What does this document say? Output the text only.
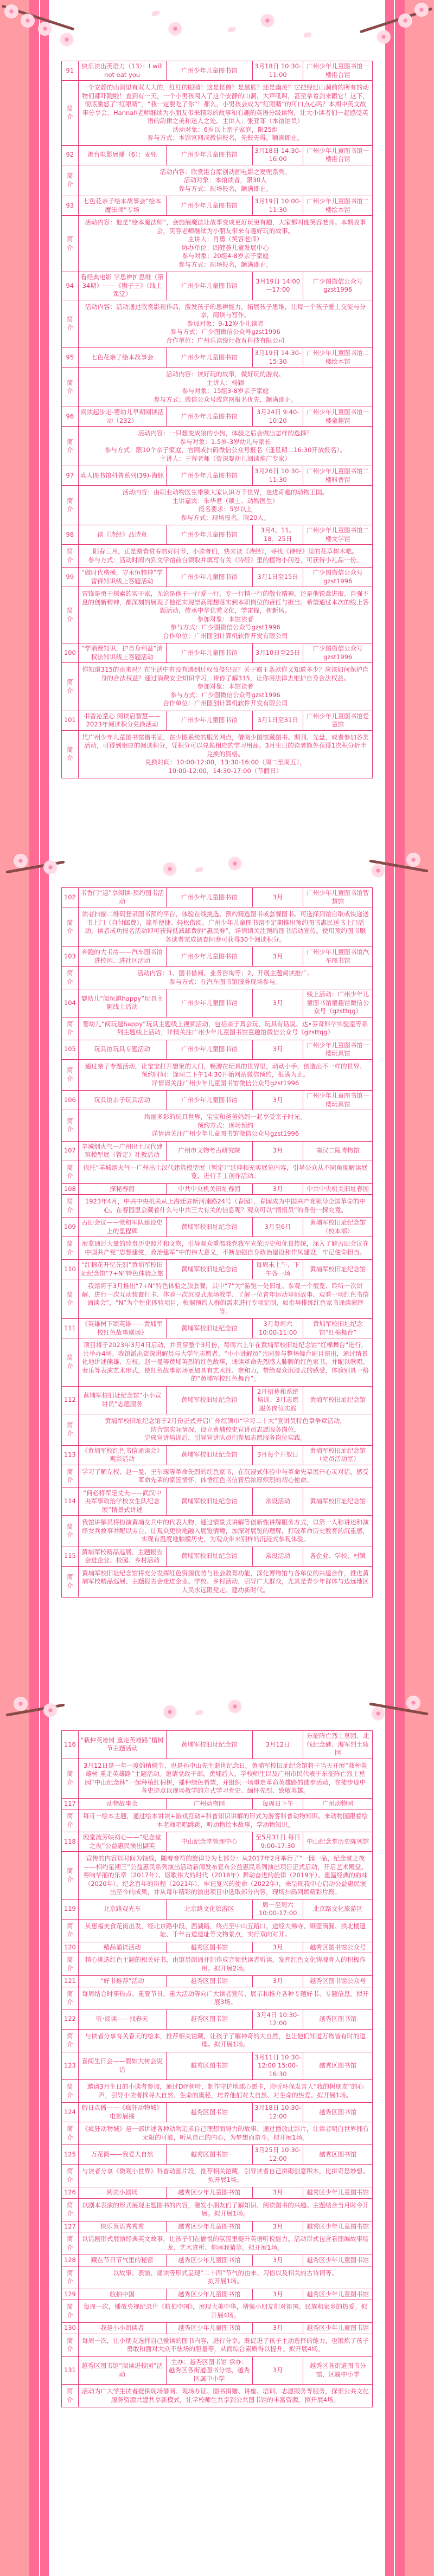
91	快乐读出英语力（13）：I will not eat you	广州少年儿童图书馆	3月18日 10:30-11:00	广州少年儿童图书馆一楼港台馆
简
介	

一个安静的山洞里有双大大的，红红的眼睛！这是怪兽？是黑熊？还是幽灵？它把经过山洞前的所有的动物们都吓跑啦！直到有一天，一个小男孩闯入了这个安静的山洞，大声吼叫，甚至拿着剑来戳它！这下，彻底激怒了“红眼睛”，“我一定要吃了你”！那么，小男孩会成为“红眼睛”的可口点心吗？本期中英文故事分享会，Hannah老师继续为小朋友带来精彩的故事和有趣的英语分级读物，让大小读者们一起感受英语的韵律之美和迷人之处。主讲人：张亚菲（本馆馆员）

活动对象：6岁以上亲子家庭，限25组

参与方式：本馆官网或微信报名，先报先得，额满即止。

92	港台电影展播（6）：麦兜	广州少年儿童图书馆	3月18日 14:30-16:00	广州少年儿童图书馆一楼港台馆
简
介	

活动内容：欣赏港台原创动画电影之麦兜系列。

活动对象：本馆读者，限30人

参与方式：现场报名，额满即止。

93	七色花亲子绘本故事会“绘本魔法师”专场	广州少年儿童图书馆	3月19日 10:00-11:30	广州少年儿童图书馆二楼绘本馆
简
介	

活动内容：他是“绘本魔法师”，会施展魔法让故事变成更好玩更有趣，大家都叫他笑容老师。本期故事会，笑容老师继续为小朋友带来有趣好玩的故事。

主讲人：肖勇（笑容老师）

协办单位：四健荟儿童发展中心

参与对象：20组4-8岁亲子家庭

参与方式：现场报名，额满即止。

94	看经典电影 学思辨扩思维（第34期）——《狮子王》（线上课堂）	广州少年儿童图书馆	3月19日 14:00—17:00	广少图微信公众号 gzst1996
简
介	

活动内容：活动通过欣赏影视作品，激发孩子的思辨能力，拓展孩子思维，让每一个孩子爱上交流与分享，阅读与写作。

参加对象：9-12岁少儿读者

参与方式：广少图微信公众号gzst1996

合作单位：广州乐读悦行教育科技有限公司

95	七色花亲子绘本故事会	广州少年儿童图书馆	3月19日 14:30-15:30	广州少年儿童图书馆二楼绘本馆
简
介	

活动内容：读好玩的故事，做好玩的游戏。

主讲人：杨颖

参与对象：15组3-8岁亲子家庭

参与方式：微信公众号或官网报名优先，额满即止。

96	阅读起步走-婴幼儿早期阅读活动（232）	广州少年儿童图书馆	3月24日 9:40-10:20	广州少年儿童图书馆一楼童趣馆
简
介	

活动内容：一只想变成狼的小狗，体验之后会做出怎样的选择？

参与对象：1.5岁-3岁幼儿与家长

参与方式：限10个亲子家庭，官网或扫码微信公众号报名（逢星期二16:30开放报名）。

主讲人：王蓉老师（资深婴幼儿阅读推广专家）

97	真人图书馆科普系列(39)-海豚	广州少年儿童图书馆	3月26日 10:30-11:30	广州少年儿童图书馆二楼科普馆
简
介	

活动内容：由职业动物医生带领大家认识万千世界，走进奇趣的动物王国。

主讲嘉宾：朱华君（硕士、动物医生）

报名要求：5岁以上

参与方式：现场报名，限20人。

98	读《诗经》品诗意	广州少年儿童图书馆	3月4、11、18、25日	广州少年儿童图书馆二楼文学馆
简
介	

阳春三月，正是踏青赏春的好时节，小读者们，快来读《诗经》，寻找《诗经》里的花草树木吧。

参与方式：活动时间内到文学馆前台领取并填写有关《诗经》里的植物小问卷，可获得小礼品一份。

99	“做时代楷模，守永恒精神”学雷锋知识线上答题活动	广州少年儿童图书馆	3月1日至15日	广少图微信公众号 gzst1996
简
介	

雷锋是勇于探索的实干家，无论是他干一行爱一行，专一行精一行的敬业精神，还是他锐意进取、自强不息的创新精神，都深刻的展现了他把实现崇高理想落实到本职岗位的责任与担当。希望通过本次的线上答题活动，传承中华优秀文化，学雷锋，树新风。

参加对象：本馆读者

参与方式：广少图微信公众号gzst1996

合作单位：广州图创计算机软件开发有限公司

100	“学消费知识，护自身利益”消权法知识线上答题活动	广州少年儿童图书馆	3月10日至25日	广少图微信公众号 gzst1996
简
介	

你知道315的由来吗？在生活中有没有遇到过权益侵犯呢？关于霸王条款你又知道多少？应该如何保护自身的合法权益？通过消费安全知识学习，带你了解315，让你用法律去维护自身合法权益。

参加对象：本馆读者

参与方式：广少图微信公众号gzst1996

合作单位：广州图创计算机软件开发有限公司

101	书香沁童心 阅读启智慧——2023年阅读积分兑换活动	广州少年儿童图书馆	3月1日至31日	广州少年儿童图书馆爱童馆
简
介	

凭广州少年儿童图书馆借书证，在少图系统的服务网点，借阅少图馆藏图书、期刊、光盘，或者参加各类活动，可得到相应的阅读积分，凭积分可以兑换相应的学习用品。3月生日的读者额外获得1次积分折半兑换的资格。

兑换时间：10:00-12:00，13:30-16:00（周二至周五），

10:00-12:00，14:30-17:00（节假日）

102	书香门“递”享阅读-预约图书活动	广州少年儿童图书馆	3月	广州少年儿童图书馆智慧馆
简
介	读者扫描二维码登录图书预约平台，体验在线挑选、预约精选图书或套餐图书。可选择到馆自取或快递送书上门（自付邮费），简单便捷、轻松借阅。广州少年儿童图书馆不定期推出预约图书惠民送书上门活动，读者成功报名活动即可获得抵减邮费的“惠民券”，详情请关注预约图书活动宣传。使用预约图书服务读者完成调查问卷可获得30个阅读积分。			

103	奔跑的大书房——汽车图书馆进校园、进社区活动	广州少年儿童图书馆	3月	广州少年儿童图书馆汽车图书馆
简
介	

活动内容：1、图书借阅、业务咨询等；2、开展主题阅读推广。

参与方式：在汽车图书馆服务现场参与。

104	婴幼儿“阅玩越happy”玩具主题线上活动	广州少年儿童图书馆	3月	线上活动：广州少年儿童图书馆童趣馆微信公众号（gzsttqg）
简
介	婴幼儿“阅玩越happy”玩具主题线上视频活动，包括亲子真会玩、玩具有话说、达•芬奇科学实验室等系列主题线上活动，详情关注广州少年儿童图书馆童趣馆微信公众号（gzsttqg）			

105	玩具馆玩具专题活动	广州少年儿童图书馆	3月	广州少年儿童图书馆一楼玩具馆
简
介	

通过亲子专题活动，让宝宝打开想象的大门，畅游在玩具的世界里，动动小手，创造出不一样的世界。

预约时间：逢周二下午14:30开始网站微信预约，报满为止。

详情请关注广州少年儿童图书馆微信公众号gzst1996

106	玩具馆亲子玩具活动	广州少年儿童图书馆	3月	广州少年儿童图书馆一楼玩具馆
简
介	

绚丽多彩的玩具世界，宝宝和爸爸妈妈一起享受亲子时光。

预约方式：现场预约

详情请关注广州少年儿童图书馆微信公众号gzst1996

107	羊城烟火气—广州出土汉代建筑模型展（暂定）社教活动	广州市文物考古研究院	3月	南汉二陵博物馆
简
介	依托“羊城烟火气—广州出土汉代建筑模型展（暂定）”延伸和充实展览内容，引导公众从不同角度解读展览，进行手工创作活动。			

108	探秘春园	中共中央机关旧址春园	3月	中共中央机关旧址春园
简
介	1923年4月，中共中央机关从上海迁驻新河浦路24号（春园），春园成为中国共产党领导全国革命的中心。在春园里会藏着什么与中共三大有关的信息呢？观众可以“情报员”的身份一探究竟。			

109	古田会议——党和军队建设史上的里程碑	黄埔军校旧址纪念馆	3月至6月	黄埔军校旧址纪念馆（校本部）
简
介	展览通过大量的珍贵历史照片和文物，引导观众重温我党我军光荣历史和优良传统，深入了解古田会议在中国共产党“思想建党，政治建军”中的伟大意义，不断加强自身政治建设和作风建设，牢记使命担当。			

110	“红棉花开忆先烈”黄埔军校旧址纪念馆“7+N”特色体验之旅	黄埔军校旧址纪念馆	每周末上午、下午各一场	黄埔军校旧址纪念馆
简
介	我馆将于3月推出“7+N”特色体验之旅套餐，其中“7”为“游览一处旧址、参观一个展览、聆听一次讲解、进行一次互动装置打卡、体验一次沉浸式现场教学、了解一位青年运动导师故事、观看一场红色书信诵读会”，“N”为个性化体验项目，根据预约人群的需求进行专项定制，如指导排练红色家书诵读演绎等。			

111	《英雄树下颂英雄——黄埔军校红色故事剧场》	黄埔军校旧址纪念馆	3月每周六 10:00-11:00	黄埔军校旧址纪念馆“红棉舞台”
简
介	项目将于2023年3月4日启动，并贯穿整个3月份，每周六上午在黄埔军校旧址纪念馆“红棉舞台”进行，共举办4场。我馆派出资深讲解员与大学生志愿者、“小小讲解员”共同参与整场舞台剧目演出，通过情景化地讲述熊雄、左权、赵一曼等黄埔英烈的红色故事，诵读革命先烈感人肺腑的红色家书，并配以歌唱、奏乐等表演艺术形式，使红色故事剧场更加具有艺术性、亲和力，带给观众沉浸式的感受，体验别具一格的“黄埔军校红色舞台”。			

112	黄埔军校旧址纪念馆“小小宣讲员”志愿服务	黄埔军校旧址纪念馆	2月招募和系统培训；3月志愿服务岗位实践	黄埔军校旧址纪念馆
简
介	

黄埔军校旧址纪念馆于2月份正式开启广州红领巾“学习二十大”宣讲员特色章争章活动，

结合馆实际情况，设立黄埔校史宣讲员志愿服务岗位，

完成宣讲培训后，引导宣讲队员们参加志愿服务岗位实践。

113	《黄埔军校红色书信诵读会》观影活动	黄埔军校旧址纪念馆	3月每个开放日	黄埔军校旧址纪念馆（党员活动室）
简
介	学习了解左权、赵一曼、王尔琢等革命先烈的红色家书，在沉浸式体验中与革命先辈展开心灵对话，感受革命先辈的家国情怀，体悟红色书信背后浓厚炽烈的初心使命。			

114	“何必将军是丈夫——武汉中央军事政治学校女生队纪念展”情景式讲述	黄埔军校旧址纪念馆	常设活动	黄埔军校旧址纪念馆
简
介	我馆讲解员将扮演黄埔女兵中的代表人物，通过情景式讲解等创新性讲解服务方式，以第一人称讲述和演绎女兵故事并配以旁白，让观众更快地融入展览情境，加深对展览的理解，打破革命历史教育的沉重感，实现有温度地触摸历史，为观众带来别样的沉浸式参观体验。			

115	黄埔军校精品巡展、主题报告会进企业、校园、乡村活动	黄埔军校旧址纪念馆	常设活动	各企业、学校、村镇
简
介	黄埔军校旧址纪念馆将充分发挥红色资源优势与社会教育功能，深化博物馆与各单位的共建合作，推进黄埔军校精品巡展、主题报告会走进企业、学校、乡村活动，引导广大群众，尤其是青少年群体与边远地区人民永远跟党走、建功新时代。			

116	“栽种英雄树 重走英雄路”植树节主题活动	黄埔军校旧址纪念馆	3月12日	东征阵亡烈士墓园、北伐纪念碑、海军烈士陵园
简
介	3月12日是一年一度的植树节，也是孙中山先生逝世纪念日。黄埔军校旧址纪念馆将于当天开展“栽种英雄树 重走英雄路”主题活动。邀请党政干部，黄埔后人，学校师生以及广州市民代表于东征阵亡烈士墓园“中山纪念林”一起种植红棉树，播种绿色希望，并组织一场重走革命英雄路的徒步活动，在徒步途中各史迹点以现场教学的方式学习党史、缅怀先烈、致敬英雄。			

117	动物故事会	广州动物园	每周日下午	广州动物园
简
介	每月一绘本主题，通过绘本讲读+游戏互动+科普知识讲解的形式为游客科普动物知识。来动物园跟着绘本老师唱唱跳跳，听动物绘本故事，学动物知识。			

118	殿堂流芳映初心——“纪念堂之夜”公益惠民演出撷英	中山纪念堂管理中心	至5月31日 每日9:00-17:30	中山纪念堂历史陈列馆
简
介	宣传的内容以时间为轴线，随着音符的旋律分为七部分：从2017年2月举行了“一园一品，纪念堂之夜——相约星期三”公益惠民系列演出活动新闻发布宣布公益惠民系列演出项目正式启动，开启艺术殿堂、奏响华丽的乐章（2017年）、讴歌伟大的时代（2018年）舞动奋进的旋律（2019年）、重温经典的韵味（2020年）、纪念百年的历程（2021年）、牢记复兴的使命（2022年），来呈现我中心启动公益惠民演出至今的成果，并从每年精彩的演出项目中选取部分内容，现场扫码回顾精彩片段。			

119	北京路观光车	北京路文化旅游区	周一至周六 10:00-17:00	北京路文化旅游区
简
介	从惠福美食花街出发，经北京路中段、西湖路，终点至中山五路口，途经大佛寺、铜壶滴漏、拱北楼遗址、千年古道遗址等文物景点，实行双向对开。			

120	精品诵读活动	越秀区图书馆	3月	越秀区图书馆公众号
简
介	精心挑选红色主题的相关好书，由馆员朗诵并制作成音频供读者听读，发挥红色文化铸魂育人的积极作用。拟开展2场。			

121	“好书推荐”活动	越秀区图书馆	3月	越秀区图书馆公众号
简
介	每周结合时事热点、重要节日、重大活动等向广大读者宣传、展示和推介各种专题好书、专题信息。拟开展3场。			

122	听·阅读——找春天	越秀区图书馆	3月4日 10:30-12:00	越秀区图书馆
简
介	与读者分享有关春天的绘本，推荐相关馆藏，让孩子了解神奇的大自然，也让他们知道万物皆有时的道理。拟开展1场。			

123	喜阅生日会——假如大树会说话	越秀区图书馆	3月11日 10:30-12:00 15:00-16:30	越秀区图书馆
简
介	邀请3月生日的小读者参加，通过DIY树叶，制作守护地球心愿卡，聆听环保发言人“我的树朋友”的心声，引导小读者探寻大自然、生命的奥秘，培养他们对大自然、对生命的热爱。拟开展1场。			

124	假日点播——《疯狂动物城》电影展播	越秀区图书馆	3月18日 10:30-12:00	越秀区图书馆
简
介	《疯狂动物城》是一部讲述各种动物追求自己理想而努力的故事。通过播放此影片，让读者明白世界拥有无限的可能，听从自己的内心，为梦想而奋斗。拟开展1场。			

125	万花筒——我爱大自然	越秀区图书馆	3月25日 10:30-12:00	越秀区图书馆
简
介	与读者分享《微观小世界》科普动画片段，推荐相关馆藏，引导读者自己拼砌创意积木，比拼奇思妙想。拟开展1场。			

126	阅读小剧场	越秀区少年儿童图书馆	3月	越秀区少年儿童图书馆
简
介	以剧本表演的形式展现主题图书的内容，激发小朋友们了解知识、阅读图书的兴趣。主题结合当月时令开展。拟开展1场。			

127	快乐英语秀秀秀	越秀区少年儿童图书馆	3月	越秀区少年儿童图书馆
简
介	以话剧形式展演经典英文故事，让孩子们在愉悦的氛围里提升英语听说能力。活动形式包含看图编故事接龙、艺术赏析、你画我猜等。拟开展1场。			

128	藏在节日节气里的秘密	越秀区少年儿童图书馆	3月	越秀区少年儿童图书馆
简
介	

以故事、表演、诵读等形式呈现“二十四”节气的由来、习俗以及相关的古诗词等。

拟开展1场。

129	航拍中国	越秀区少年儿童图书馆	3月	越秀区少年儿童图书馆
简
介	每周一次，播放央视纪录片《航拍中国》，展现大美中华，增强小朋友们对祖国、民族和家乡的热爱。拟开展4场。			

130	我是小小朗读者	越秀区少年儿童图书馆	3月	越秀区少年儿童图书馆
简
介	每周一次，让小朋友选择自己爱读的图书内容，进行分享。既促进了孩子主动选择的能力，也锻炼了孩子勇敢和面对大众不怯场的胆量等，从而综合素质得以提升。拟开展4场。			

131	越秀区图书馆“阅读进校园”活动	主办：越秀区图书馆 承办：越秀区各街道图书分馆、越秀区属中小学	3月	越秀区各街道图书分馆、区属中小学
简
介	活动为广大学生读者提供现场借阅、现场办证、图书捐赠、讲座、培训、志愿服务等服务，探索公共文化服务资源共建共享新模式，让学校师生共享到公共图书馆的丰富资源。拟开展4场。			
